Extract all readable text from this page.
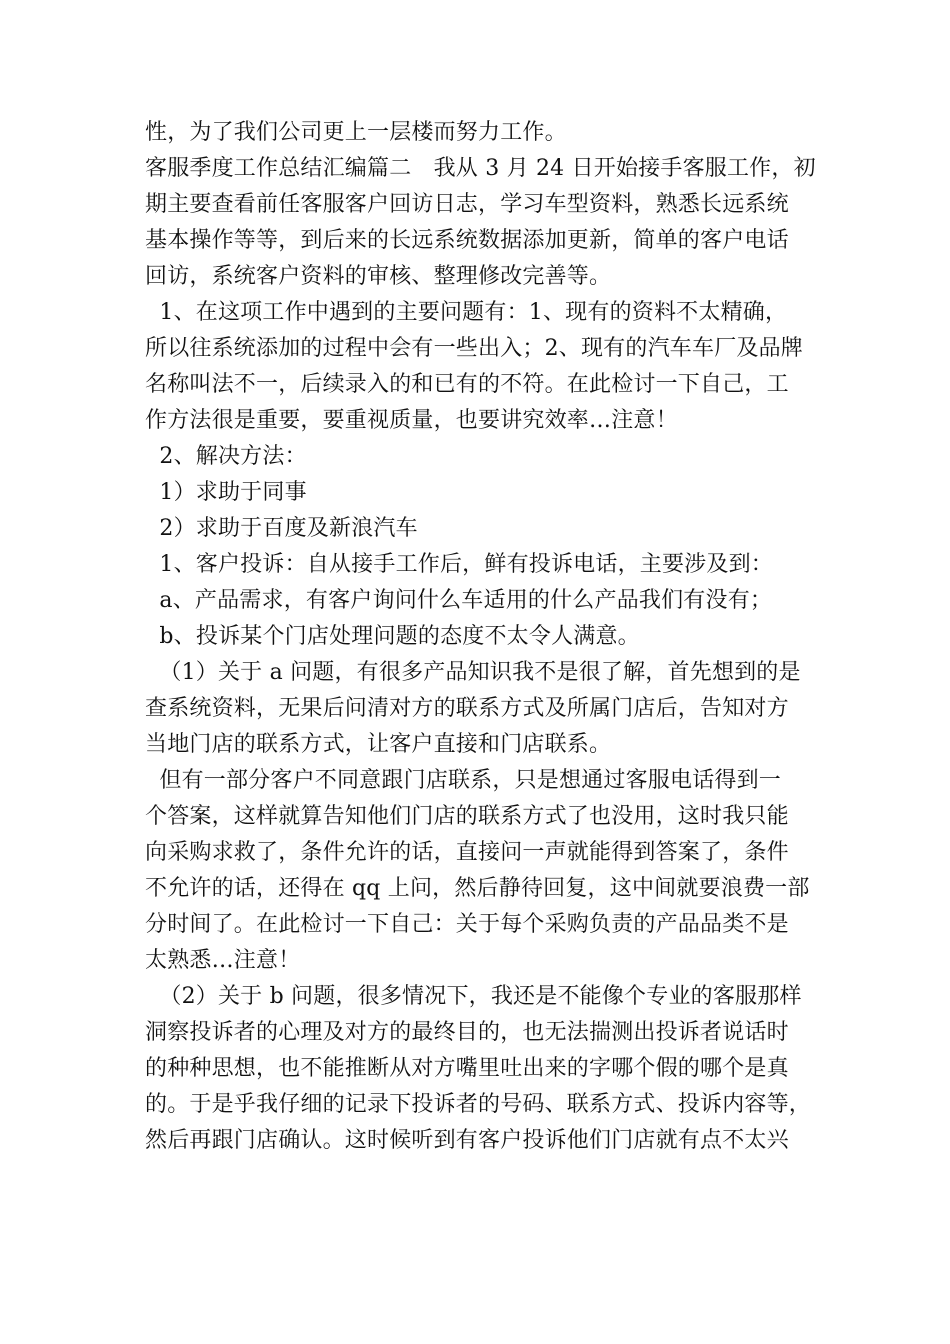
性，为了我们公司更上一层楼而努力工作。
客服季度工作总结汇编篇二　我从 3 月 24 日开始接手客服工作，初
期主要查看前任客服客户回访日志，学习车型资料，熟悉长远系统
基本操作等等，到后来的长远系统数据添加更新，简单的客户电话
回访，系统客户资料的审核、整理修改完善等。
1、在这项工作中遇到的主要问题有：1、现有的资料不太精确，
所以往系统添加的过程中会有一些出入；2、现有的汽车车厂及品牌
名称叫法不一，后续录入的和已有的不符。在此检讨一下自己，工
作方法很是重要，要重视质量，也要讲究效率…注意！
2、解决方法：
1）求助于同事
2）求助于百度及新浪汽车
1、客户投诉：自从接手工作后，鲜有投诉电话，主要涉及到：
a、产品需求，有客户询问什么车适用的什么产品我们有没有；
b、投诉某个门店处理问题的态度不太令人满意。
（1）关于 a 问题，有很多产品知识我不是很了解，首先想到的是
查系统资料，无果后问清对方的联系方式及所属门店后，告知对方
当地门店的联系方式，让客户直接和门店联系。
但有一部分客户不同意跟门店联系，只是想通过客服电话得到一
个答案，这样就算告知他们门店的联系方式了也没用，这时我只能
向采购求救了，条件允许的话，直接问一声就能得到答案了，条件
不允许的话，还得在 qq 上问，然后静待回复，这中间就要浪费一部
分时间了。在此检讨一下自己：关于每个采购负责的产品品类不是
太熟悉…注意！
（2）关于 b 问题，很多情况下，我还是不能像个专业的客服那样
洞察投诉者的心理及对方的最终目的，也无法揣测出投诉者说话时
的种种思想，也不能推断从对方嘴里吐出来的字哪个假的哪个是真
的。于是乎我仔细的记录下投诉者的号码、联系方式、投诉内容等，
然后再跟门店确认。这时候听到有客户投诉他们门店就有点不太兴
